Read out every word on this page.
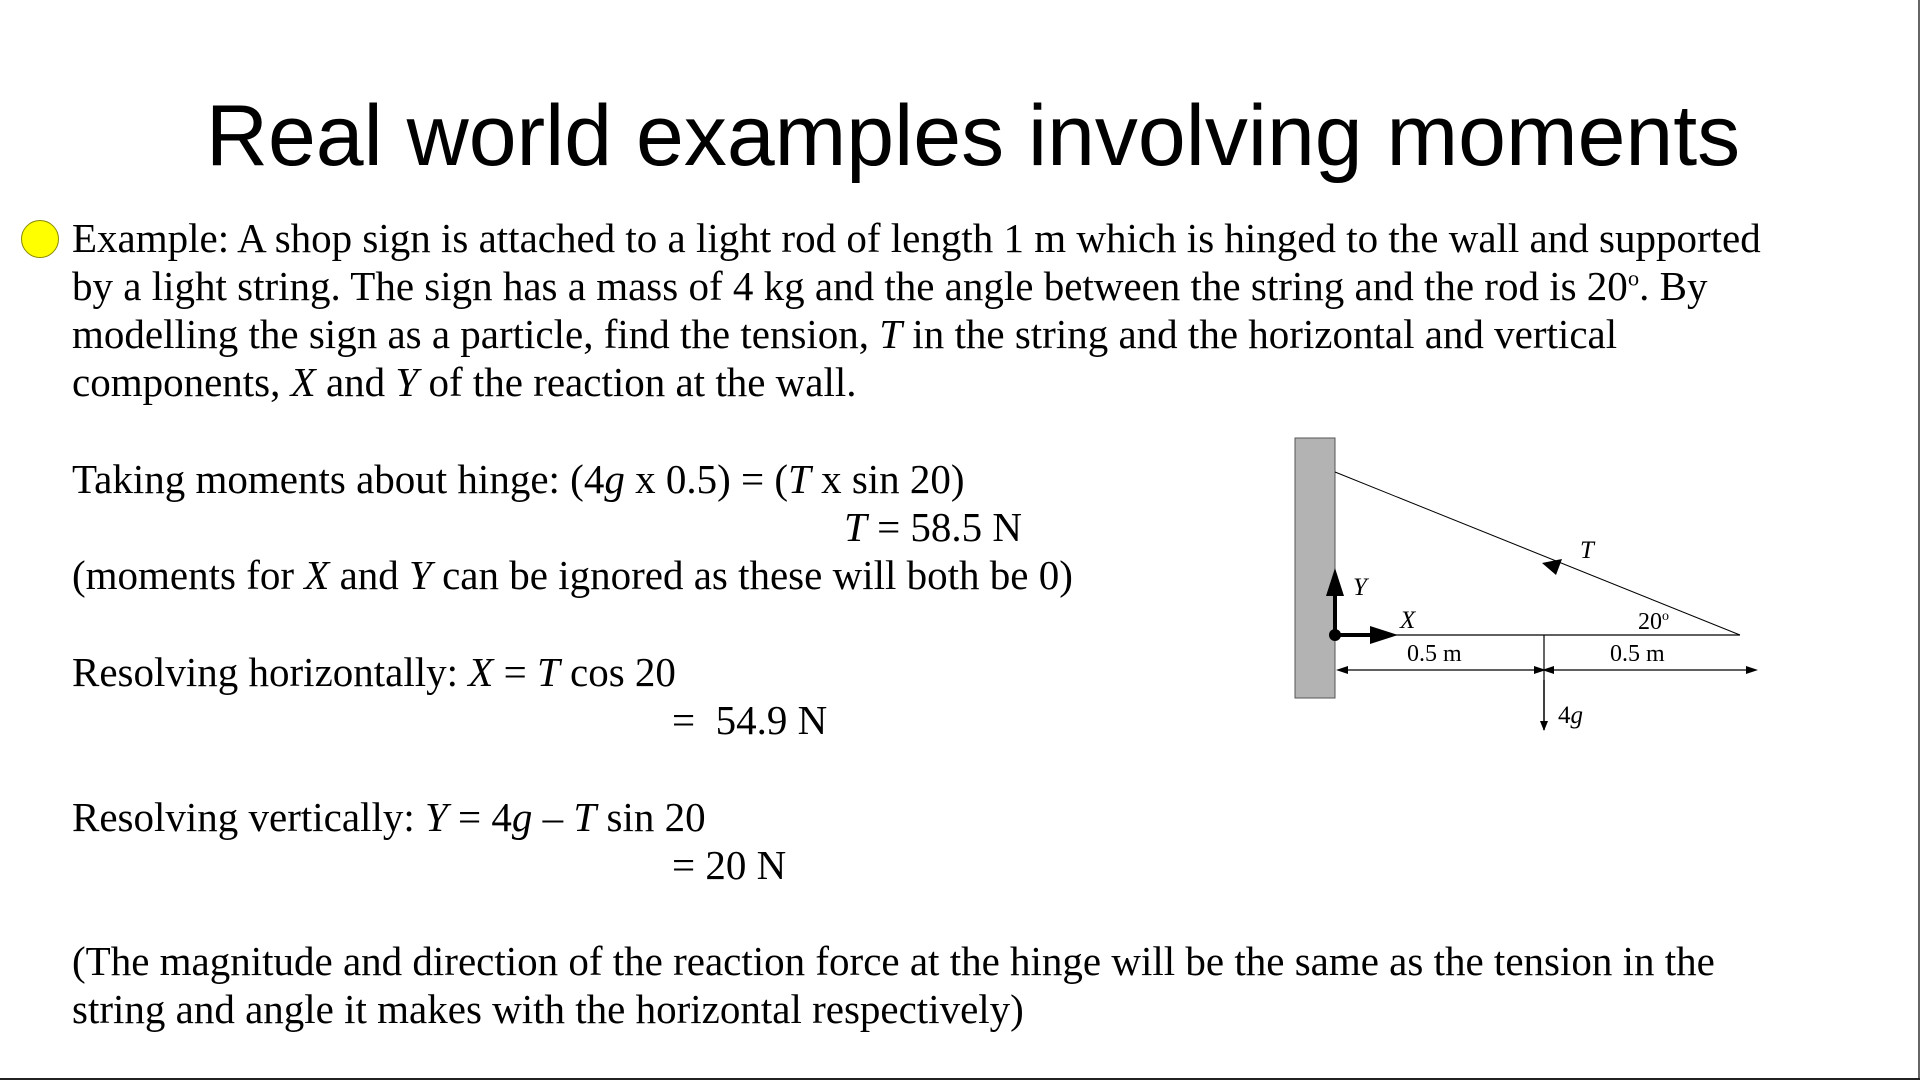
Real world examples involving moments

Example: A shop sign is attached to a light rod of length 1 m which is hinged to the wall and supported

by a light string. The sign has a mass of 4 kg and the angle between the string and the rod is 20$^o$. By

modelling the sign as a particle, find the tension, T in the string and the horizontal and vertical

components, X and Y of the reaction at the wall.

Taking moments about hinge: (4g x 0.5) = (T x sin 20)
T = 58.5 N
(moments for X and Y can be ignored as these will both be 0)
Resolving horizontally: X = T cos 20
=  54.9 N
Resolving vertically: Y = 4g – T sin 20
= 20 N

(The magnitude and direction of the reaction force at the hinge will be the same as the tension in the

string and angle it makes with the horizontal respectively)

T
Y
X	20$^o$
4g
0.5 m	0.5 m
